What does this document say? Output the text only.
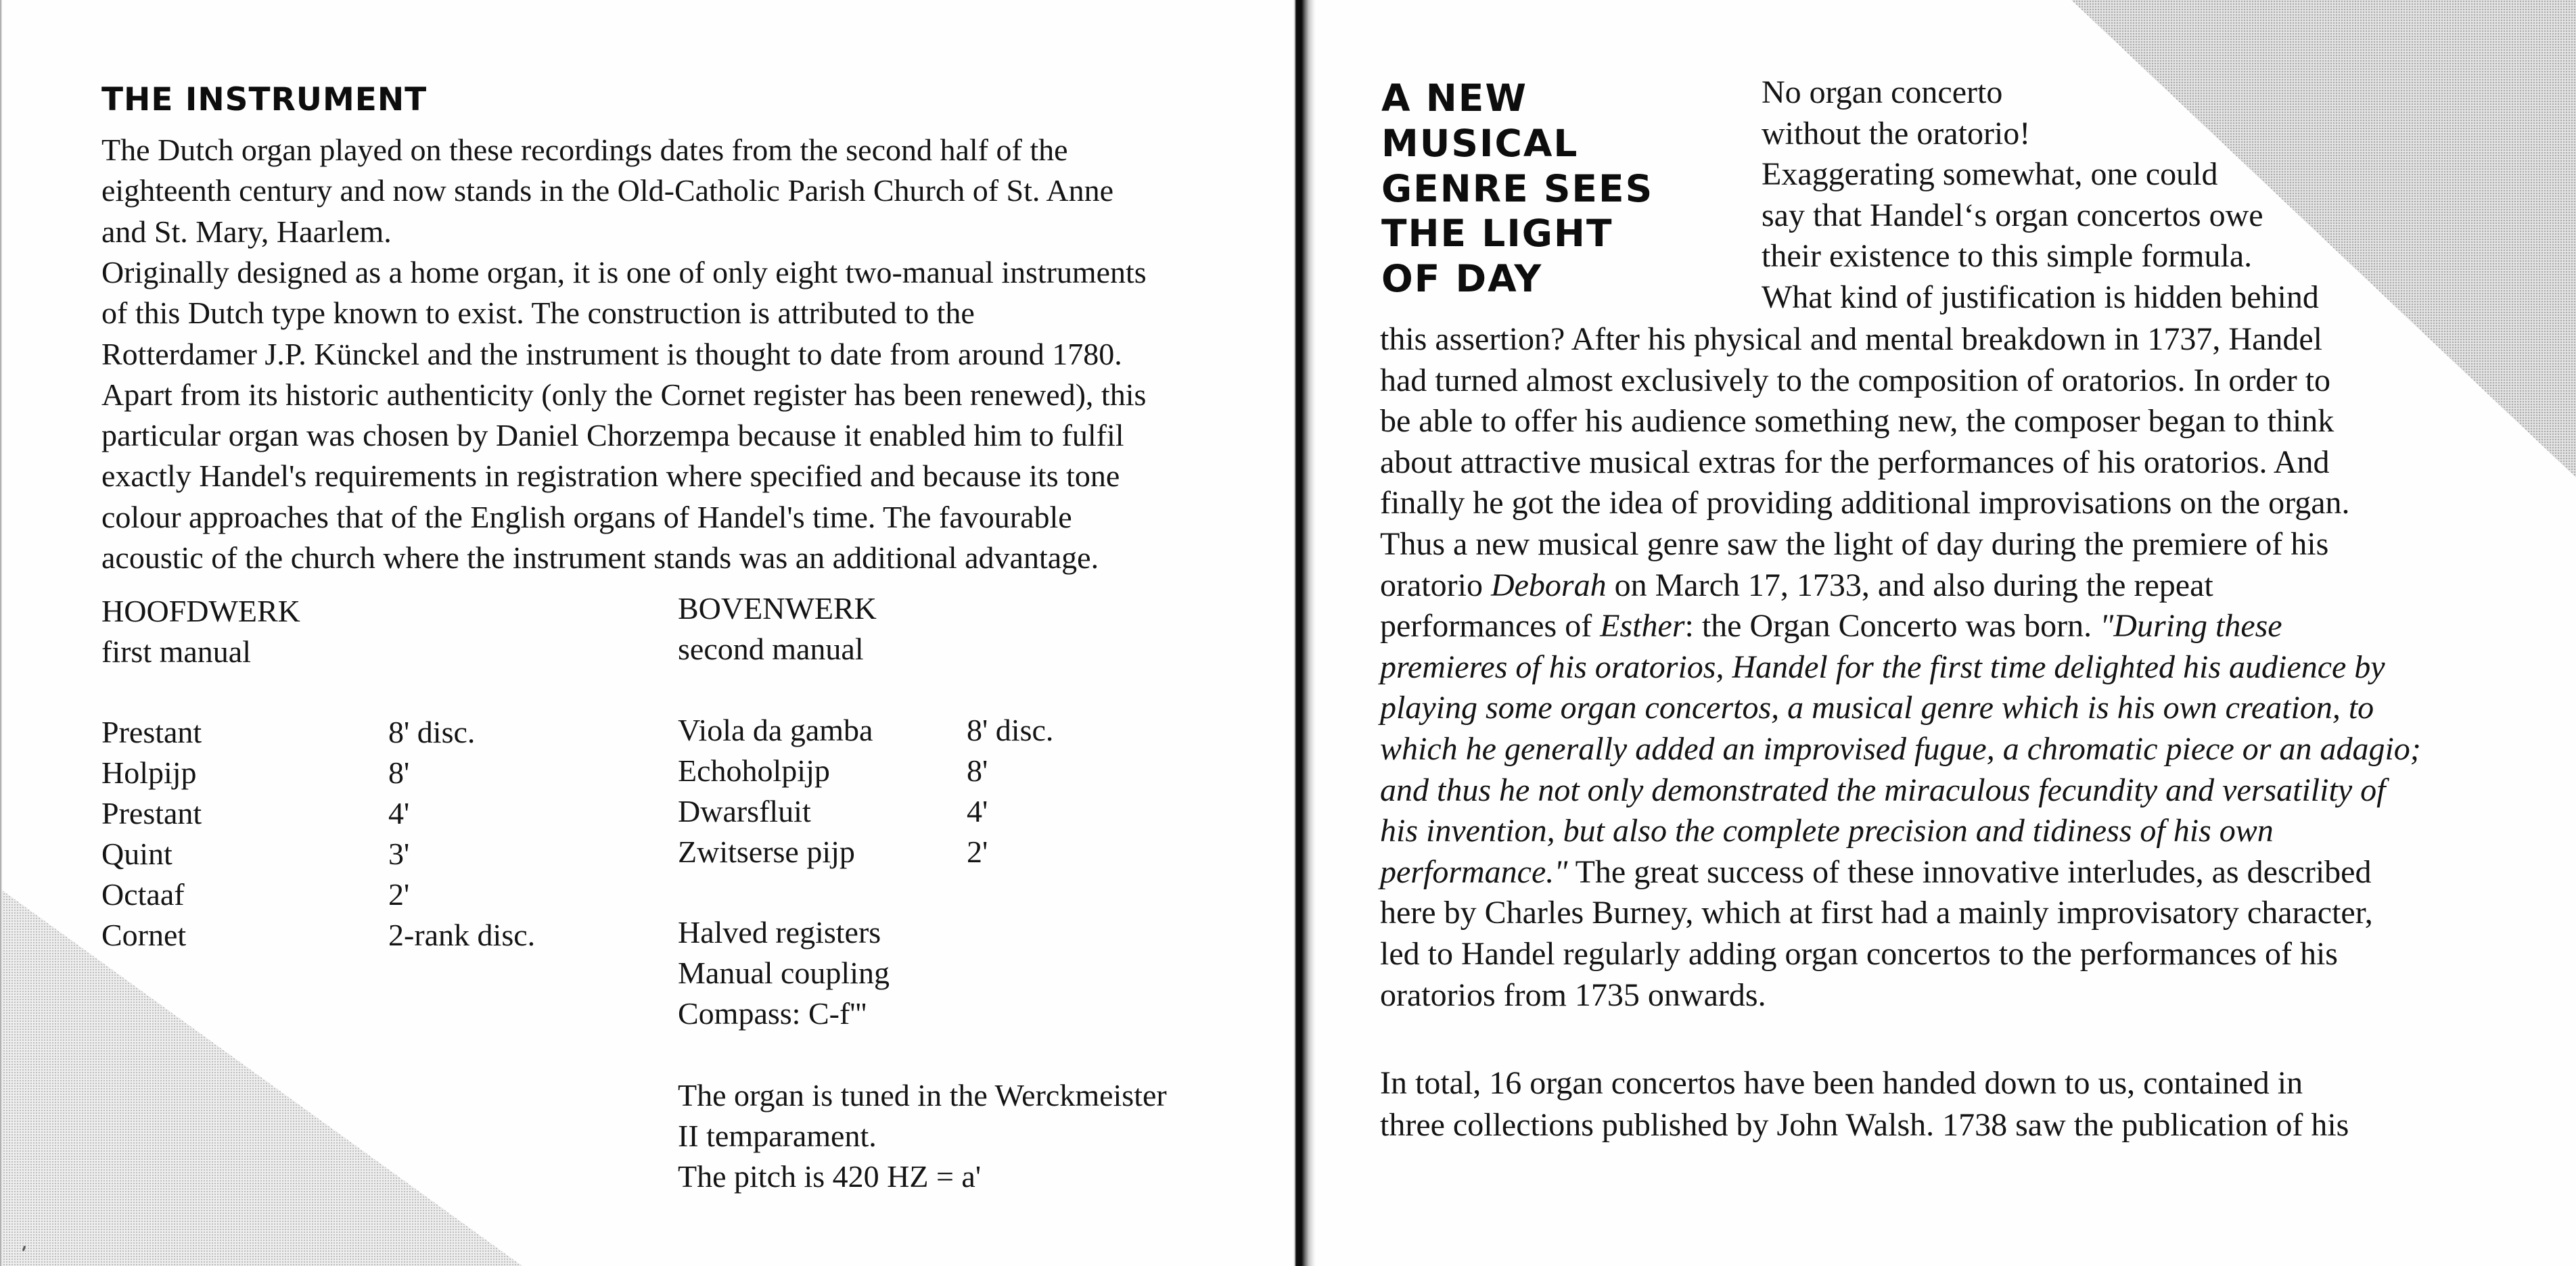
THE INSTRUMENT
The Dutch organ played on these recordings dates from the second half of the
eighteenth century and now stands in the Old-Catholic Parish Church of St. Anne
and St. Mary, Haarlem.
Originally designed as a home organ, it is one of only eight two-manual instruments
of this Dutch type known to exist. The construction is attributed to the
Rotterdamer J.P. Künckel and the instrument is thought to date from around 1780.
Apart from its historic authenticity (only the Cornet register has been renewed), this
particular organ was chosen by Daniel Chorzempa because it enabled him to fulfil
exactly Handel's requirements in registration where specified and because its tone
colour approaches that of the English organs of Handel's time. The favourable
acoustic of the church where the instrument stands was an additional advantage.
HOOFDWERK
first manual
Prestant	8' disc.
Holpijp	8'
Prestant	4'
Quint	3'
Octaaf	2'
Cornet	2-rank disc.
BOVENWERK
second manual
Viola da gamba	8' disc.
Echoholpijp	8'
Dwarsfluit	4'
Zwitserse pijp	2'
Halved registers
Manual coupling
Compass: C-f'''
The organ is tuned in the Werckmeister
II temparament.
The pitch is 420 HZ = a'
A NEW
MUSICAL
GENRE SEES
THE LIGHT
OF DAY
No organ concerto
without the oratorio!
Exaggerating somewhat, one could
say that Handel‘s organ concertos owe
their existence to this simple formula.
What kind of justification is hidden behind
this assertion? After his physical and mental breakdown in 1737, Handel
had turned almost exclusively to the composition of oratorios. In order to
be able to offer his audience something new, the composer began to think
about attractive musical extras for the performances of his oratorios. And
finally he got the idea of providing additional improvisations on the organ.
Thus a new musical genre saw the light of day during the premiere of his
oratorio Deborah on March 17, 1733, and also during the repeat
performances of Esther: the Organ Concerto was born. "During these
premieres of his oratorios, Handel for the first time delighted his audience by
playing some organ concertos, a musical genre which is his own creation, to
which he generally added an improvised fugue, a chromatic piece or an adagio;
and thus he not only demonstrated the miraculous fecundity and versatility of
his invention, but also the complete precision and tidiness of his own
performance." The great success of these innovative interludes, as described
here by Charles Burney, which at first had a mainly improvisatory character,
led to Handel regularly adding organ concertos to the performances of his
oratorios from 1735 onwards.
In total, 16 organ concertos have been handed down to us, contained in
three collections published by John Walsh. 1738 saw the publication of his
